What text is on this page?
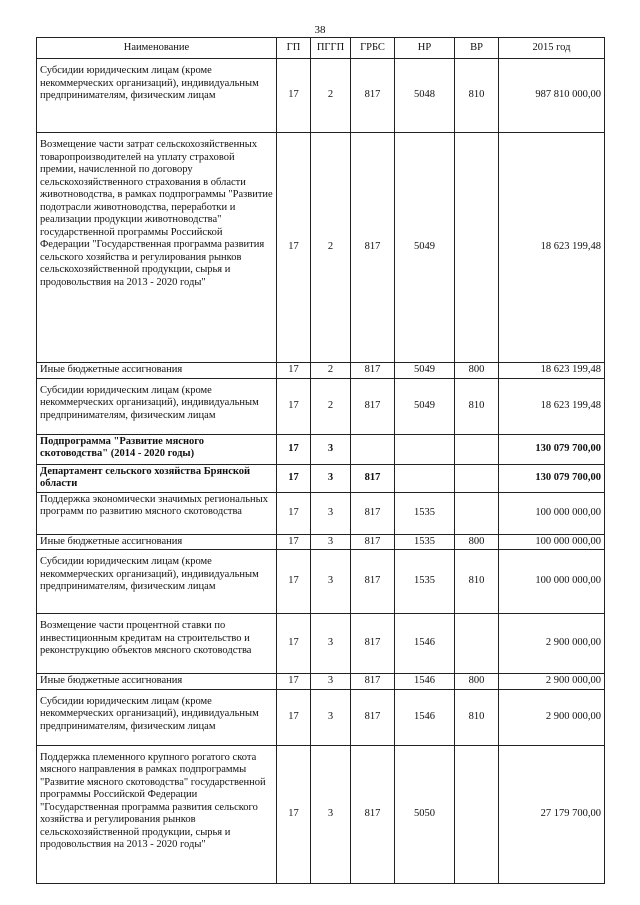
38
Наименование	ГП	ПГГП	ГРБС	НР	ВР	2015 год
Субсидии юридическим лицам (кроме некоммерческих организаций), индивидуальным предпринимателям, физическим лицам	17	2	817	5048	810	987 810 000,00
Возмещение части затрат сельскохозяйственных товаропроизводителей на уплату страховой премии, начисленной по договору сельскохозяйственного страхования в области животноводства, в рамках подпрограммы "Развитие подотрасли животноводства, переработки и реализации продукции животноводства" государственной программы Российской Федерации "Государственная программа развития сельского хозяйства и регулирования рынков сельскохозяйственной продукции, сырья и продовольствия на 2013 - 2020 годы"	17	2	817	5049		18 623 199,48
Иные бюджетные ассигнования	17	2	817	5049	800	18 623 199,48
Субсидии юридическим лицам (кроме некоммерческих организаций), индивидуальным предпринимателям, физическим лицам	17	2	817	5049	810	18 623 199,48
Подпрограмма "Развитие мясного скотоводства" (2014 - 2020 годы)	17	3				130 079 700,00
Департамент сельского хозяйства Брянской области	17	3	817			130 079 700,00
Поддержка экономически значимых региональных программ по развитию мясного скотоводства	17	3	817	1535		100 000 000,00
Иные бюджетные ассигнования	17	3	817	1535	800	100 000 000,00
Субсидии юридическим лицам (кроме некоммерческих организаций), индивидуальным предпринимателям, физическим лицам	17	3	817	1535	810	100 000 000,00
Возмещение части процентной ставки по инвестиционным кредитам на строительство и реконструкцию объектов мясного скотоводства	17	3	817	1546		2 900 000,00
Иные бюджетные ассигнования	17	3	817	1546	800	2 900 000,00
Субсидии юридическим лицам (кроме некоммерческих организаций), индивидуальным предпринимателям, физическим лицам	17	3	817	1546	810	2 900 000,00
Поддержка племенного крупного рогатого скота мясного направления в рамках подпрограммы "Развитие мясного скотоводства" государственной программы Российской Федерации "Государственная программа развития сельского хозяйства и регулирования рынков сельскохозяйственной продукции, сырья и продовольствия на 2013 - 2020 годы"	17	3	817	5050		27 179 700,00
